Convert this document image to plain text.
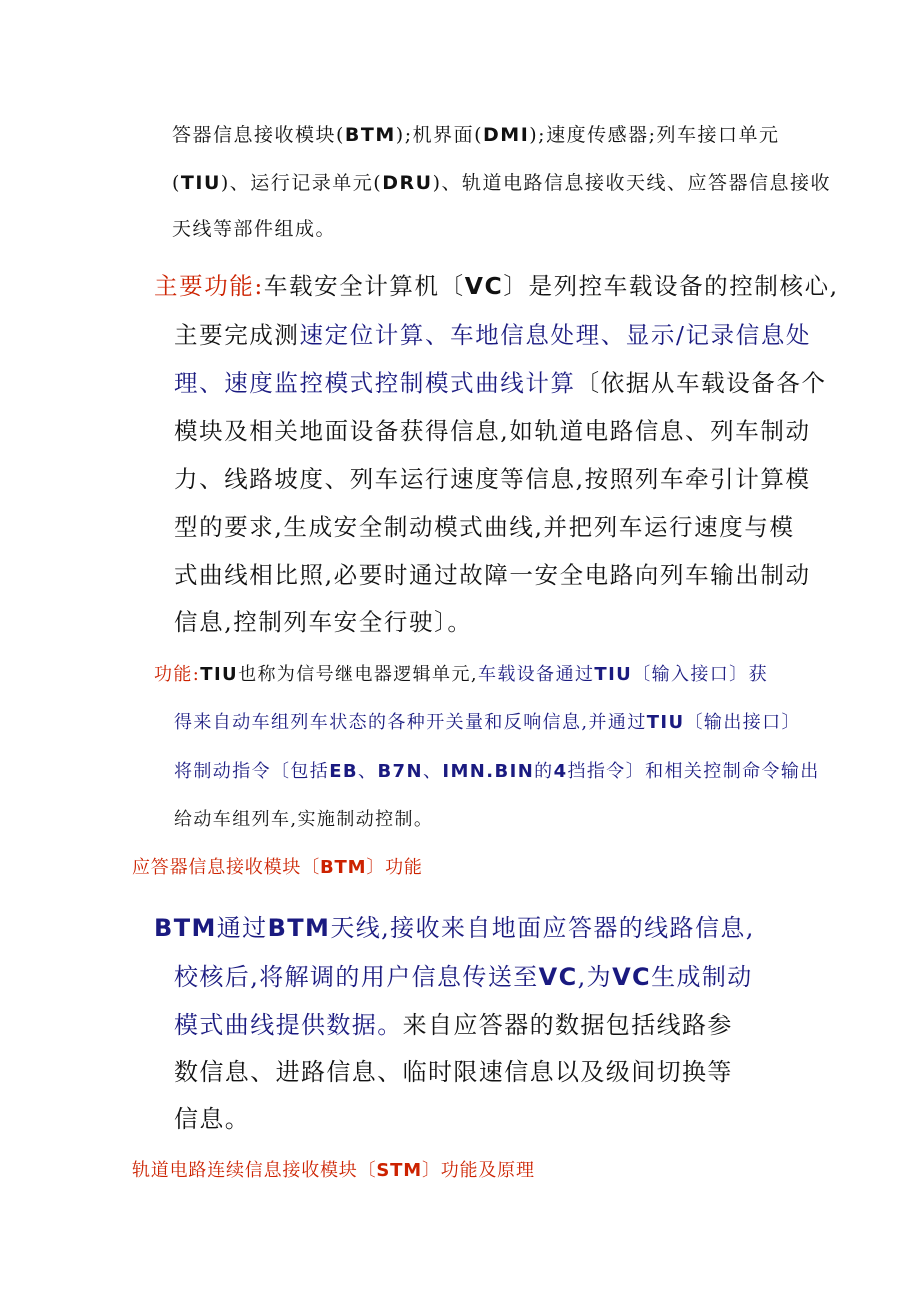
答器信息接收模块(BTM);机界面(DMI);速度传感器;列车接口单元
(TIU)、运行记录单元(DRU)、轨道电路信息接收天线、应答器信息接收
天线等部件组成。
主要功能:车载安全计算机〔VC〕是列控车载设备的控制核心,
主要完成测速定位计算、车地信息处理、显示/记录信息处
理、速度监控模式控制模式曲线计算〔依据从车载设备各个
模块及相关地面设备获得信息,如轨道电路信息、列车制动
力、线路坡度、列车运行速度等信息,按照列车牵引计算模
型的要求,生成安全制动模式曲线,并把列车运行速度与模
式曲线相比照,必要时通过故障一安全电路向列车输出制动
信息,控制列车安全行驶〕。
功能:TIU也称为信号继电器逻辑单元,车载设备通过TIU〔输入接口〕获
得来自动车组列车状态的各种开关量和反响信息,并通过TIU〔输出接口〕
将制动指令〔包括EB、B7N、IMN.BIN的4挡指令〕和相关控制命令输出
给动车组列车,实施制动控制。
应答器信息接收模块〔BTM〕功能
BTM通过BTM天线,接收来自地面应答器的线路信息,
校核后,将解调的用户信息传送至VC,为VC生成制动
模式曲线提供数据。来自应答器的数据包括线路参
数信息、进路信息、临时限速信息以及级间切换等
信息。
轨道电路连续信息接收模块〔STM〕功能及原理
